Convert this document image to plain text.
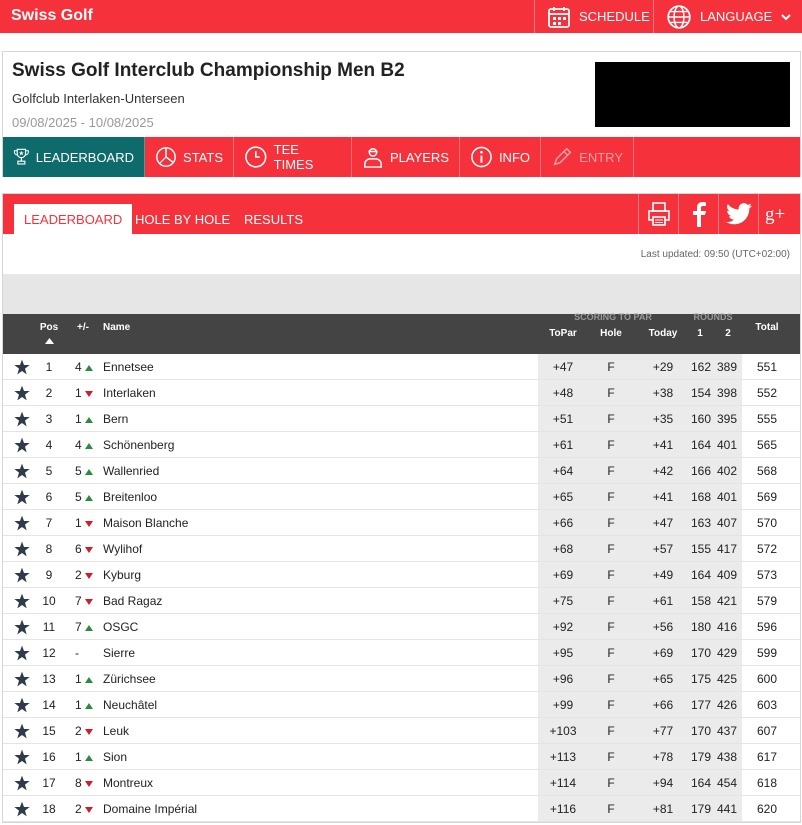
Swiss Golf	SCHEDULE	LANGUAGE
Swiss Golf Interclub Championship Men B2
Golfclub Interlaken-Unterseen
09/08/2025 - 10/08/2025
LEADERBOARD	STATS	TEE TIMES	PLAYERS	INFO	ENTRY
LEADERBOARD HOLE BY HOLE	RESULTS	g+
Last updated: 09:50 (UTC+02:00)
Pos	+/-	Name
SCORING TO PAR
ToPar	Hole	Today
ROUNDS
1	2
Total
1	4	Ennetsee	+47	F	+29	162 389	551
2	1	Interlaken	+48	F	+38	154 398	552
3	1	Bern	+51	F	+35	160 395	555
4	4	Schönenberg	+61	F	+41	164 401	565
5	5	Wallenried	+64	F	+42	166 402	568
6	5	Breitenloo	+65	F	+41	168 401	569
7	1	Maison Blanche	+66	F	+47	163 407	570
8	6	Wylihof	+68	F	+57	155 417	572
9	2	Kyburg	+69	F	+49	164 409	573
10 7	Bad Ragaz	+75	F	+61	158 421	579
11	7	OSGC	+92	F	+56	180 416	596
12 -	Sierre	+95	F	+69	170 429	599
13 1	Zürichsee	+96	F	+65	175 425	600
14 1	Neuchâtel	+99	F	+66	177 426	603
15 2	Leuk	+103	F	+77	170 437	607
16 1	Sion	+113	F	+78	179 438	617
17 8	Montreux	+114	F	+94	164 454	618
18 2	Domaine Impérial	+116	F	+81	179 441	620
